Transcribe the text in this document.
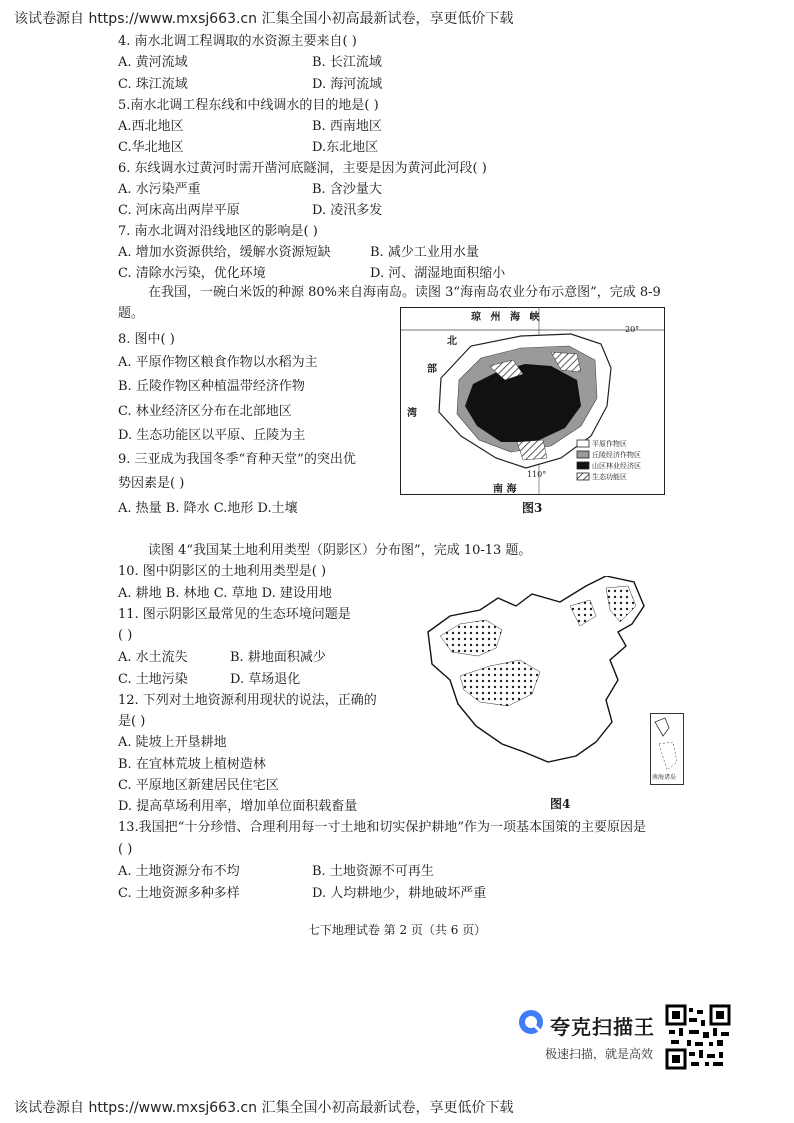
该试卷源自 https://www.mxsj663.cn 汇集全国小初高最新试卷，享更低价下载
4. 南水北调工程调取的水资源主要来自( )
A. 黄河流域	B. 长江流域
C. 珠江流域	D. 海河流域
5.南水北调工程东线和中线调水的目的地是( )
A.西北地区	B. 西南地区
C.华北地区	D.东北地区
6. 东线调水过黄河时需开凿河底隧洞，主要是因为黄河此河段( )
A. 水污染严重	B. 含沙量大
C. 河床高出两岸平原	D. 凌汛多发
7. 南水北调对沿线地区的影响是( )
A. 增加水资源供给，缓解水资源短缺	B. 减少工业用水量
C. 清除水污染，优化环境	D. 河、湖湿地面积缩小
在我国，一碗白米饭的种源 80%来自海南岛。读图 3“海南岛农业分布示意图”，完成 8-9
题。
8. 图中( )
A. 平原作物区粮食作物以水稻为主
B. 丘陵作物区种植温带经济作物
C. 林业经济区分布在北部地区
D. 生态功能区以平原、丘陵为主
9. 三亚成为我国冬季“育种天堂”的突出优
势因素是( )
A. 热量 B. 降水 C.地形 D.土壤
琼 州 海 峡
20°
北
部
湾
110°
南 海
平原作物区
丘陵经济作物区
山区林业经济区
生态功能区
图3
读图 4“我国某土地利用类型（阴影区）分布图”，完成 10-13 题。
10. 图中阴影区的土地利用类型是( )
A. 耕地 B. 林地 C. 草地 D. 建设用地
11. 图示阴影区最常见的生态环境问题是
( )
A. 水土流失	B. 耕地面积减少
C. 土地污染	D. 草场退化
12. 下列对土地资源利用现状的说法，正确的
是( )
A. 陡坡上开垦耕地
B. 在宜林荒坡上植树造林
C. 平原地区新建居民住宅区
D. 提高草场利用率，增加单位面积载畜量
南海诸岛
图4
13.我国把“十分珍惜、合理利用每一寸土地和切实保护耕地”作为一项基本国策的主要原因是
( )
A. 土地资源分布不均	B. 土地资源不可再生
C. 土地资源多种多样	D. 人均耕地少，耕地破坏严重
七下地理试卷 第 2 页（共 6 页）
夸克扫描王
极速扫描，就是高效
该试卷源自 https://www.mxsj663.cn 汇集全国小初高最新试卷，享更低价下载
